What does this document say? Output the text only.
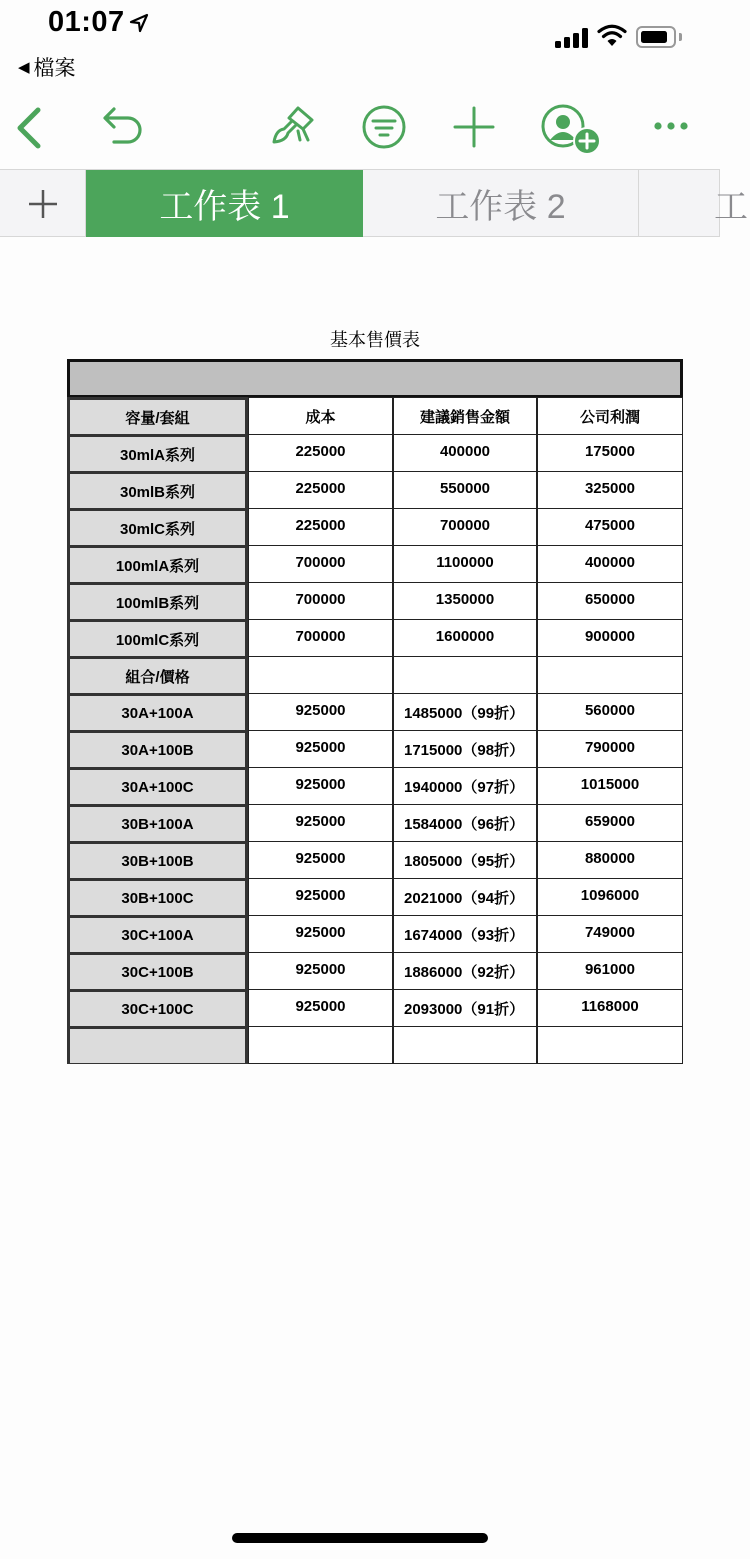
01:07
◀ 檔案
工作表 1	工作表 2	工
基本售價表
容量/套組	成本	建議銷售金額	公司利潤
30mlA系列	225000	400000	175000
30mlB系列	225000	550000	325000
30mlC系列	225000	700000	475000
100mlA系列	700000	1100000	400000
100mlB系列	700000	1350000	650000
100mlC系列	700000	1600000	900000
組合/價格
30A+100A	925000	1485000（99折）	560000
30A+100B	925000	1715000（98折）	790000
30A+100C	925000	1940000（97折）	1015000
30B+100A	925000	1584000（96折）	659000
30B+100B	925000	1805000（95折）	880000
30B+100C	925000	2021000（94折）	1096000
30C+100A	925000	1674000（93折）	749000
30C+100B	925000	1886000（92折）	961000
30C+100C	925000	2093000（91折）	1168000
